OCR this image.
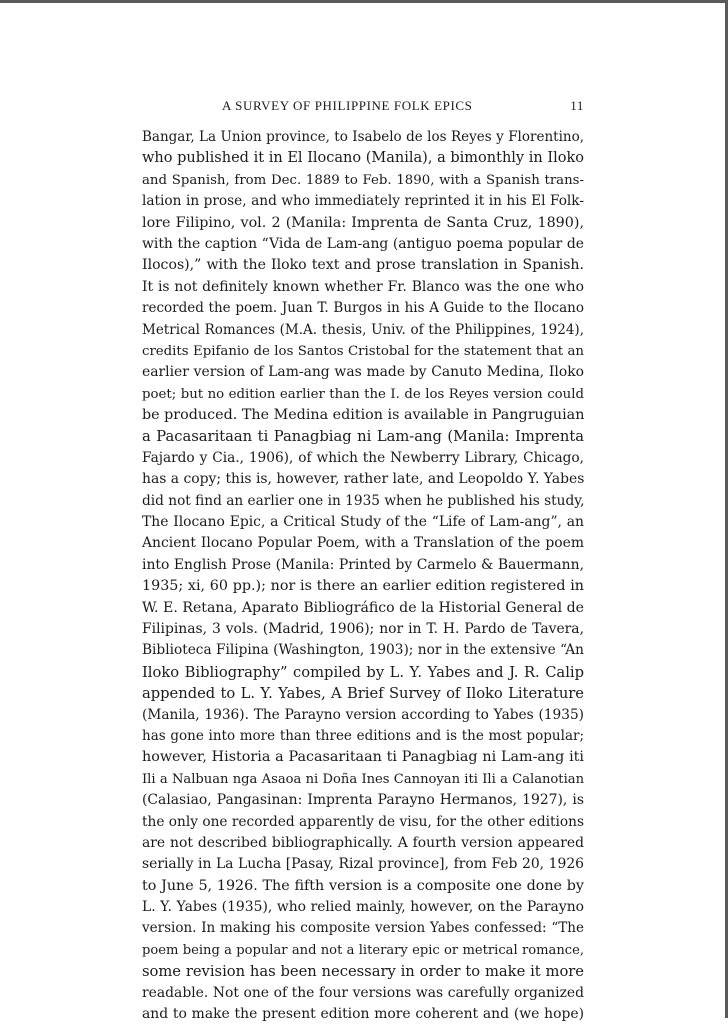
A SURVEY OF PHILIPPINE FOLK EPICS	11
Bangar, La Union province, to Isabelo de los Reyes y Florentino,
who published it in El Ilocano (Manila), a bimonthly in Iloko
and Spanish, from Dec. 1889 to Feb. 1890, with a Spanish trans-
lation in prose, and who immediately reprinted it in his El Folk-
lore Filipino, vol. 2 (Manila: Imprenta de Santa Cruz, 1890),
with the caption “Vida de Lam-ang (antiguo poema popular de
Ilocos),” with the Iloko text and prose translation in Spanish.
It is not definitely known whether Fr. Blanco was the one who
recorded the poem. Juan T. Burgos in his A Guide to the Ilocano
Metrical Romances (M.A. thesis, Univ. of the Philippines, 1924),
credits Epifanio de los Santos Cristobal for the statement that an
earlier version of Lam-ang was made by Canuto Medina, Iloko
poet; but no edition earlier than the I. de los Reyes version could
be produced. The Medina edition is available in Pangruguian
a Pacasaritaan ti Panagbiag ni Lam-ang (Manila: Imprenta
Fajardo y Cia., 1906), of which the Newberry Library, Chicago,
has a copy; this is, however, rather late, and Leopoldo Y. Yabes
did not find an earlier one in 1935 when he published his study,
The Ilocano Epic, a Critical Study of the “Life of Lam-ang”, an
Ancient Ilocano Popular Poem, with a Translation of the poem
into English Prose (Manila: Printed by Carmelo & Bauermann,
1935; xi, 60 pp.); nor is there an earlier edition registered in
W. E. Retana, Aparato Bibliográfico de la Historial General de
Filipinas, 3 vols. (Madrid, 1906); nor in T. H. Pardo de Tavera,
Biblioteca Filipina (Washington, 1903); nor in the extensive “An
Iloko Bibliography” compiled by L. Y. Yabes and J. R. Calip
appended to L. Y. Yabes, A Brief Survey of Iloko Literature
(Manila, 1936). The Parayno version according to Yabes (1935)
has gone into more than three editions and is the most popular;
however, Historia a Pacasaritaan ti Panagbiag ni Lam-ang iti
Ili a Nalbuan nga Asaoa ni Doña Ines Cannoyan iti Ili a Calanotian
(Calasiao, Pangasinan: Imprenta Parayno Hermanos, 1927), is
the only one recorded apparently de visu, for the other editions
are not described bibliographically. A fourth version appeared
serially in La Lucha [Pasay, Rizal province], from Feb 20, 1926
to June 5, 1926. The fifth version is a composite one done by
L. Y. Yabes (1935), who relied mainly, however, on the Parayno
version. In making his composite version Yabes confessed: “The
poem being a popular and not a literary epic or metrical romance,
some revision has been necessary in order to make it more
readable. Not one of the four versions was carefully organized
and to make the present edition more coherent and (we hope)
